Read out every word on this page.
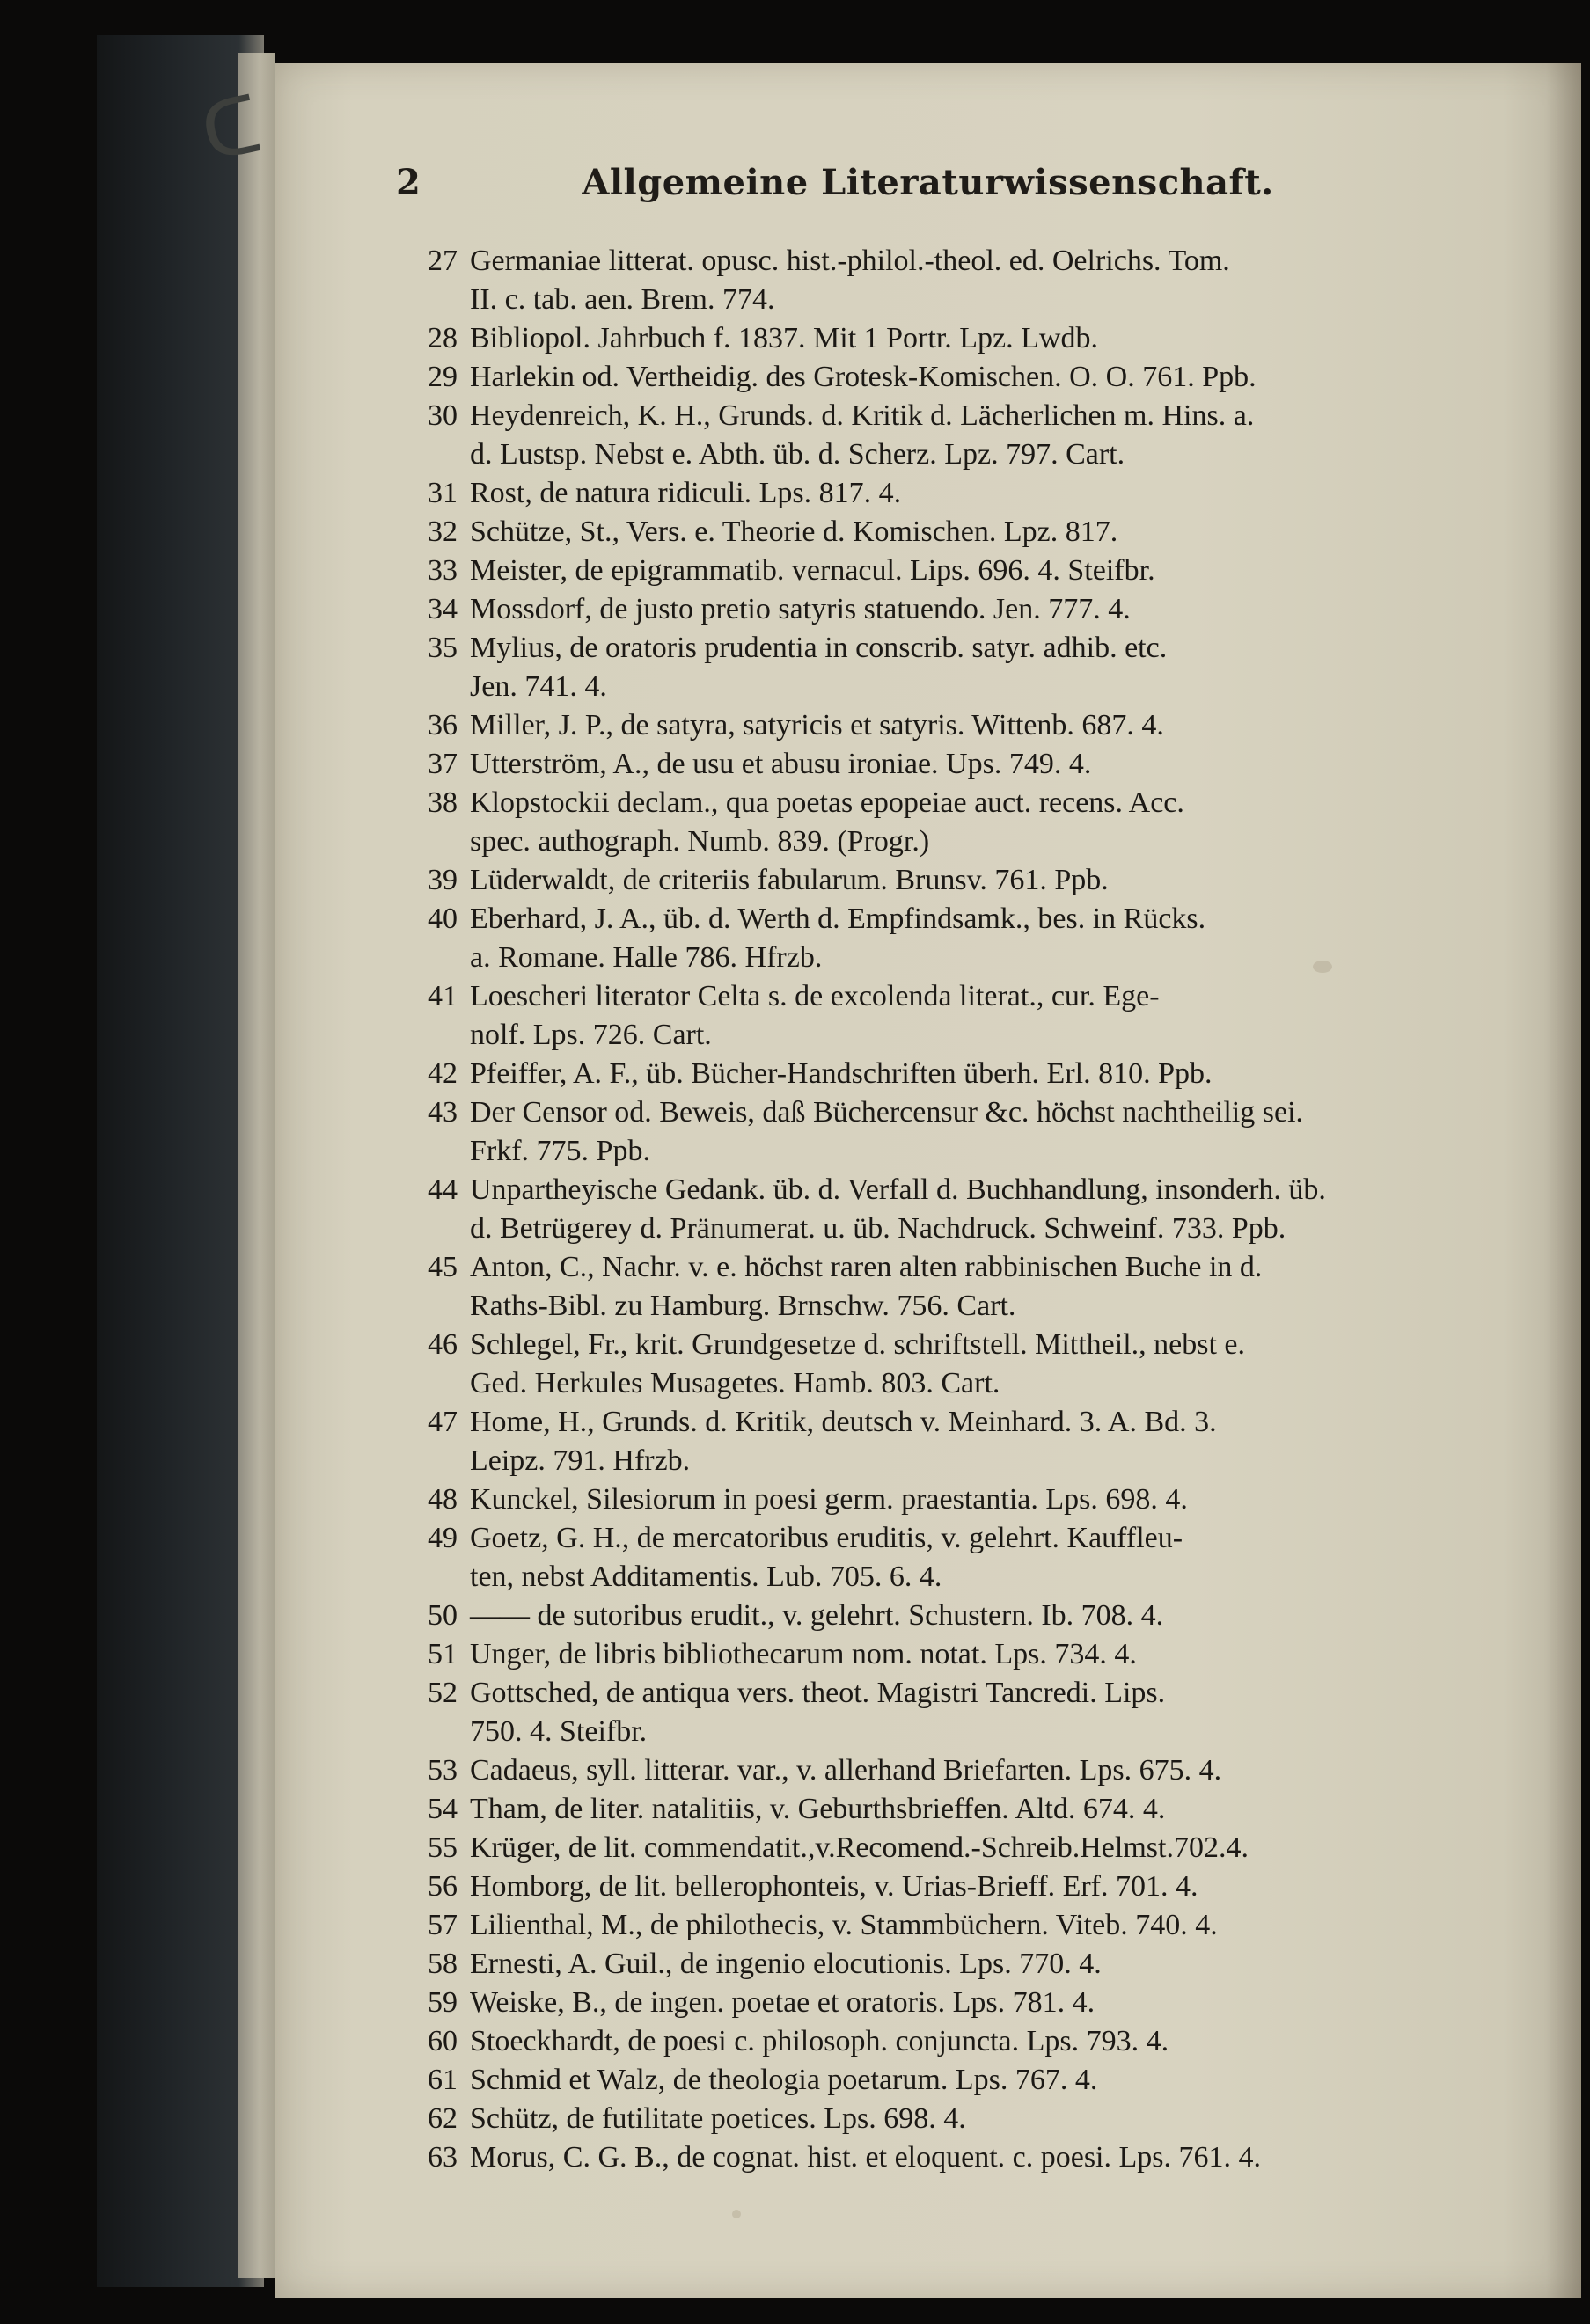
ᑕ
2	Allgemeine Literaturwissenschaft.
27 Germaniae litterat. opusc. hist.-philol.-theol. ed. Oelrichs. Tom.
II. c. tab. aen. Brem. 774.
28 Bibliopol. Jahrbuch f. 1837. Mit 1 Portr. Lpz. Lwdb.
29 Harlekin od. Vertheidig. des Grotesk-Komischen. O. O. 761. Ppb.
30 Heydenreich, K. H., Grunds. d. Kritik d. Lächerlichen m. Hins. a.
d. Lustsp. Nebst e. Abth. üb. d. Scherz. Lpz. 797. Cart.
31 Rost, de natura ridiculi. Lps. 817. 4.
32 Schütze, St., Vers. e. Theorie d. Komischen. Lpz. 817.
33 Meister, de epigrammatib. vernacul. Lips. 696. 4. Steifbr.
34 Mossdorf, de justo pretio satyris statuendo. Jen. 777. 4.
35 Mylius, de oratoris prudentia in conscrib. satyr. adhib. etc.
Jen. 741. 4.
36 Miller, J. P., de satyra, satyricis et satyris. Wittenb. 687. 4.
37 Utterström, A., de usu et abusu ironiae. Ups. 749. 4.
38 Klopstockii declam., qua poetas epopeiae auct. recens. Acc.
spec. authograph. Numb. 839. (Progr.)
39 Lüderwaldt, de criteriis fabularum. Brunsv. 761. Ppb.
40 Eberhard, J. A., üb. d. Werth d. Empfindsamk., bes. in Rücks.
a. Romane. Halle 786. Hfrzb.
41 Loescheri literator Celta s. de excolenda literat., cur. Ege-
nolf. Lps. 726. Cart.
42 Pfeiffer, A. F., üb. Bücher-Handschriften überh. Erl. 810. Ppb.
43 Der Censor od. Beweis, daß Büchercensur &c. höchst nachtheilig sei.
Frkf. 775. Ppb.
44 Unpartheyische Gedank. üb. d. Verfall d. Buchhandlung, insonderh. üb.
d. Betrügerey d. Pränumerat. u. üb. Nachdruck. Schweinf. 733. Ppb.
45 Anton, C., Nachr. v. e. höchst raren alten rabbinischen Buche in d.
Raths-Bibl. zu Hamburg. Brnschw. 756. Cart.
46 Schlegel, Fr., krit. Grundgesetze d. schriftstell. Mittheil., nebst e.
Ged. Herkules Musagetes. Hamb. 803. Cart.
47 Home, H., Grunds. d. Kritik, deutsch v. Meinhard. 3. A. Bd. 3.
Leipz. 791. Hfrzb.
48 Kunckel, Silesiorum in poesi germ. praestantia. Lps. 698. 4.
49 Goetz, G. H., de mercatoribus eruditis, v. gelehrt. Kauffleu-
ten, nebst Additamentis. Lub. 705. 6. 4.
50 —— de sutoribus erudit., v. gelehrt. Schustern. Ib. 708. 4.
51 Unger, de libris bibliothecarum nom. notat. Lps. 734. 4.
52 Gottsched, de antiqua vers. theot. Magistri Tancredi. Lips.
750. 4. Steifbr.
53 Cadaeus, syll. litterar. var., v. allerhand Briefarten. Lps. 675. 4.
54 Tham, de liter. natalitiis, v. Geburthsbrieffen. Altd. 674. 4.
55 Krüger, de lit. commendatit.,v.Recomend.-Schreib.Helmst.702.4.
56 Homborg, de lit. bellerophonteis, v. Urias-Brieff. Erf. 701. 4.
57 Lilienthal, M., de philothecis, v. Stammbüchern. Viteb. 740. 4.
58 Ernesti, A. Guil., de ingenio elocutionis. Lps. 770. 4.
59 Weiske, B., de ingen. poetae et oratoris. Lps. 781. 4.
60 Stoeckhardt, de poesi c. philosoph. conjuncta. Lps. 793. 4.
61 Schmid et Walz, de theologia poetarum. Lps. 767. 4.
62 Schütz, de futilitate poetices. Lps. 698. 4.
63 Morus, C. G. B., de cognat. hist. et eloquent. c. poesi. Lps. 761. 4.
